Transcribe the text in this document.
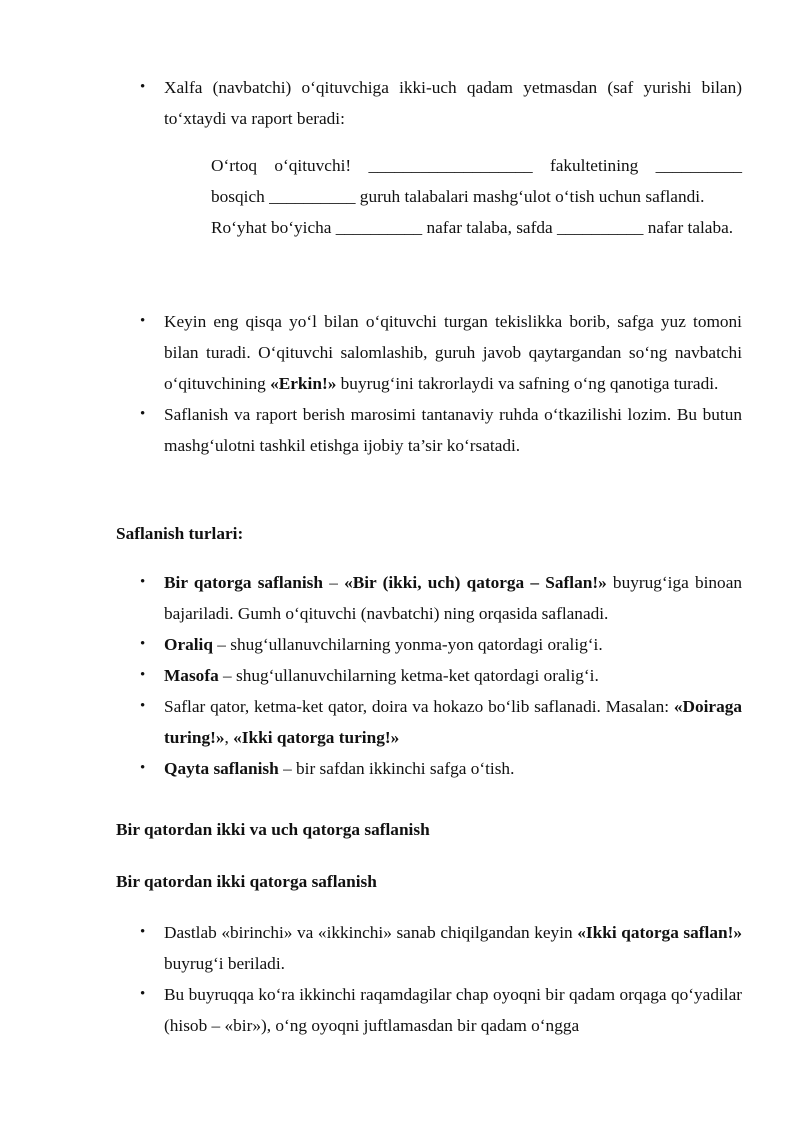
• Xalfa (navbatchi) o‘qituvchiga ikki-uch qadam yetmasdan (saf yurishi bilan) to‘xtaydi va raport beradi:
O‘rtoq o‘qituvchi! ___________________ fakultetining __________ bosqich __________ guruh talabalari mashg‘ulot o‘tish uchun saflandi.
Ro‘yhat bo‘yicha __________ nafar talaba, safda __________ nafar talaba.
• Keyin eng qisqa yo‘l bilan o‘qituvchi turgan tekislikka borib, safga yuz tomoni bilan turadi. O‘qituvchi salomlashib, guruh javob qaytargandan so‘ng navbatchi o‘qituvchining «Erkin!» buyrug‘ini takrorlaydi va safning o‘ng qanotiga turadi.
• Saflanish va raport berish marosimi tantanaviy ruhda o‘tkazilishi lozim. Bu butun mashg‘ulotni tashkil etishga ijobiy ta’sir ko‘rsatadi.
Saflanish turlari:
• Bir qatorga saflanish – «Bir (ikki, uch) qatorga – Saflan!» buyrug‘iga binoan bajariladi. Gumh o‘qituvchi (navbatchi) ning orqasida saflanadi.
• Oraliq – shug‘ullanuvchilarning yonma-yon qatordagi oralig‘i.
• Masofa – shug‘ullanuvchilarning ketma-ket qatordagi oralig‘i.
• Saflar qator, ketma-ket qator, doira va hokazo bo‘lib saflanadi. Masalan: «Doiraga turing!», «Ikki qatorga turing!»
• Qayta saflanish – bir safdan ikkinchi safga o‘tish.
Bir qatordan ikki va uch qatorga saflanish
Bir qatordan ikki qatorga saflanish
• Dastlab «birinchi» va «ikkinchi» sanab chiqilgandan keyin «Ikki qatorga saflan!» buyrug‘i beriladi.
• Bu buyruqqa ko‘ra ikkinchi raqamdagilar chap oyoqni bir qadam orqaga qo‘yadilar (hisob – «bir»), o‘ng oyoqni juftlamasdan bir qadam o‘ngga
